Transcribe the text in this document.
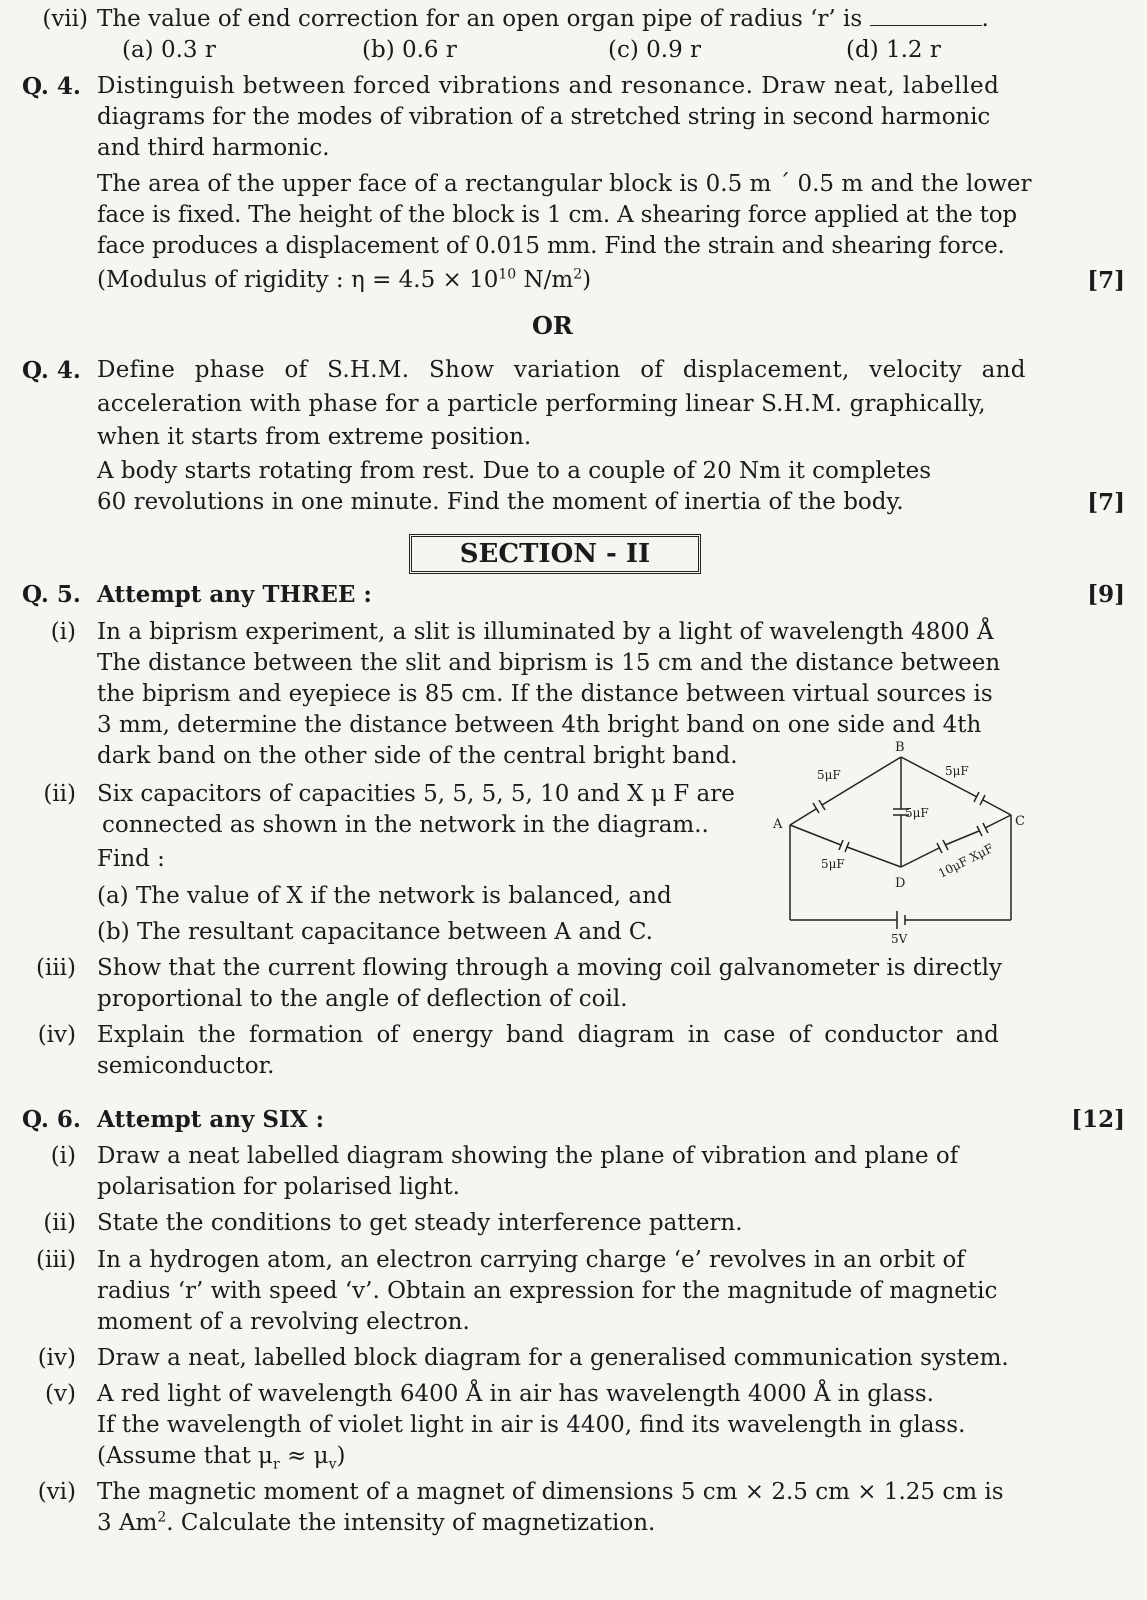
(vii) The value of end correction for an open organ pipe of radius ‘r’ is	.
(a) 0.3 r	(b) 0.6 r	(c) 0.9 r	(d) 1.2 r
Q. 4. Distinguish between forced vibrations and resonance. Draw neat, labelled
diagrams for the modes of vibration of a stretched string in second harmonic
and third harmonic.
The area of the upper face of a rectangular block is 0.5 m ´ 0.5 m and the lower
face is fixed. The height of the block is 1 cm. A shearing force applied at the top
face produces a displacement of 0.015 mm. Find the strain and shearing force.
(Modulus of rigidity : $\eta = 4.5 \times 10^{10}$ $N/m^2$)	[7]
OR
Q. 4. Define phase of S.H.M. Show variation of displacement, velocity and
acceleration with phase for a particle performing linear S.H.M. graphically,
when it starts from extreme position.
A body starts rotating from rest. Due to a couple of 20 Nm it completes
60 revolutions in one minute. Find the moment of inertia of the body.	[7]
SECTION - II
Q. 5. Attempt any THREE :	[9]
(i) In a biprism experiment, a slit is illuminated by a light of wavelength 4800 Å
The distance between the slit and biprism is 15 cm and the distance between
the biprism and eyepiece is 85 cm. If the distance between virtual sources is
3 mm, determine the distance between 4th bright band on one side and 4th
dark band on the other side of the central bright band.
(ii) Six capacitors of capacities 5, 5, 5, 5, 10 and X μ F are
connected as shown in the network in the diagram..
Find :
(a) The value of X if the network is balanced, and
(b) The resultant capacitance between A and C.
B
A	C
D
5μF	5μF
5μF
5μF	10μF XμF
5V
(iii) Show that the current flowing through a moving coil galvanometer is directly
proportional to the angle of deflection of coil.
(iv) Explain the formation of energy band diagram in case of conductor and
semiconductor.
Q. 6. Attempt any SIX :	[12]
(i) Draw a neat labelled diagram showing the plane of vibration and plane of
polarisation for polarised light.
(ii) State the conditions to get steady interference pattern.
(iii) In a hydrogen atom, an electron carrying charge ‘e’ revolves in an orbit of
radius ‘r’ with speed ‘v’. Obtain an expression for the magnitude of magnetic
moment of a revolving electron.
(iv) Draw a neat, labelled block diagram for a generalised communication system.
(v) A red light of wavelength 6400 Å in air has wavelength 4000 Å in glass.
If the wavelength of violet light in air is 4400, find its wavelength in glass.
(Assume that $\mu_r \approx \mu_v$)
(vi) The magnetic moment of a magnet of dimensions 5 cm × 2.5 cm × 1.25 cm is
3 Am$^2$. Calculate the intensity of magnetization.
